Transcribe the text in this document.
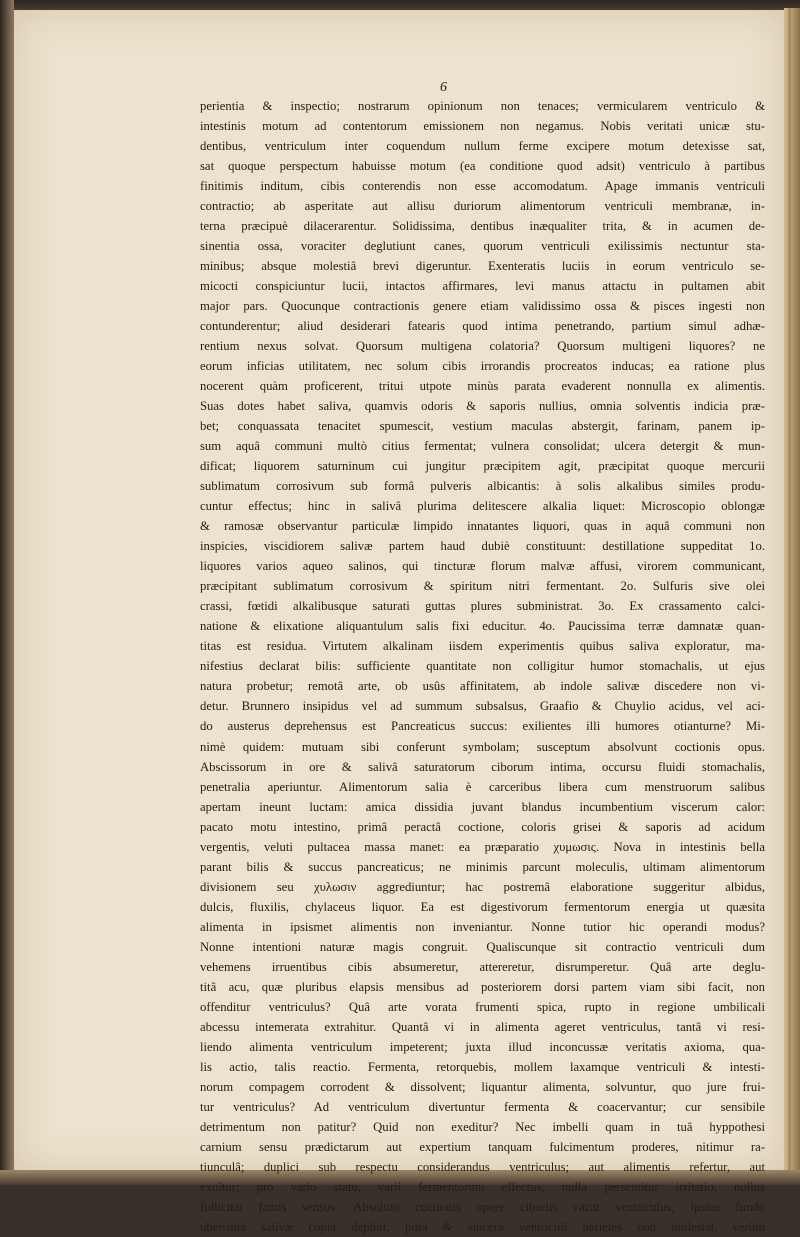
6
perientia & inspectio; nostrarum opinionum non tenaces; vermicularem ventriculo &
intestinis motum ad contentorum emissionem non negamus. Nobis veritati unicæ stu-
dentibus, ventriculum inter coquendum nullum ferme excipere motum detexisse sat,
sat quoque perspectum habuisse motum (ea conditione quod adsit) ventriculo à partibus
finitimis inditum, cibis conterendis non esse accomodatum. Apage immanis ventriculi
contractio; ab asperitate aut allisu duriorum alimentorum ventriculi membranæ, in-
terna præcipuè dilacerarentur. Solidissima, dentibus inæqualiter trita, & in acumen de-
sinentia ossa, voraciter deglutiunt canes, quorum ventriculi exilissimis nectuntur sta-
minibus; absque molestiâ brevi digeruntur. Exenteratis luciis in eorum ventriculo se-
micocti conspiciuntur lucii, intactos affirmares, levi manus attactu in pultamen abit
major pars. Quocunque contractionis genere etiam validissimo ossa & pisces ingesti non
contunderentur; aliud desiderari fatearis quod intima penetrando, partium simul adhæ-
rentium nexus solvat. Quorsum multigena colatoria? Quorsum multigeni liquores? ne
eorum inficias utilitatem, nec solum cibis irrorandis procreatos inducas; ea ratione plus
nocerent quàm proficerent, tritui utpote minùs parata evaderent nonnulla ex alimentis.
Suas dotes habet saliva, quamvis odoris & saporis nullius, omnia solventis indicia præ-
bet; conquassata tenacitet spumescit, vestium maculas abstergit, farinam, panem ip-
sum aquâ communi multò citius fermentat; vulnera consolidat; ulcera detergit & mun-
dificat; liquorem saturninum cui jungitur præcipitem agit, præcipitat quoque mercurii
sublimatum corrosivum sub formâ pulveris albicantis: à solis alkalibus similes produ-
cuntur effectus; hinc in salivâ plurima delitescere alkalia liquet: Microscopio oblongæ
& ramosæ observantur particulæ limpido innatantes liquori, quas in aquâ communi non
inspicies, viscidiorem salivæ partem haud dubiè constituunt: destillatione suppeditat 1o.
liquores varios aqueo salinos, qui tincturæ florum malvæ affusi, virorem communicant,
præcipitant sublimatum corrosivum & spiritum nitri fermentant. 2o. Sulfuris sive olei
crassi, fœtidi alkalibusque saturati guttas plures subministrat. 3o. Ex crassamento calci-
natione & elixatione aliquantulum salis fixi educitur. 4o. Paucissima terræ damnatæ quan-
titas est residua. Virtutem alkalinam iisdem experimentis quibus saliva exploratur, ma-
nifestius declarat bilis: sufficiente quantitate non colligitur humor stomachalis, ut ejus
natura probetur; remotâ arte, ob usûs affinitatem, ab indole salivæ discedere non vi-
detur. Brunnero insipidus vel ad summum subsalsus, Graafio & Chuylio acidus, vel aci-
do austerus deprehensus est Pancreaticus succus: exilientes illi humores otianturne? Mi-
nimè quidem: mutuam sibi conferunt symbolam; susceptum absolvunt coctionis opus.
Abscissorum in ore & salivâ saturatorum ciborum intima, occursu fluidi stomachalis,
penetralia aperiuntur. Alimentorum salia è carceribus libera cum menstruorum salibus
apertam ineunt luctam: amica dissidia juvant blandus incumbentium viscerum calor:
pacato motu intestino, primâ peractâ coctione, coloris grisei & saporis ad acidum
vergentis, veluti pultacea massa manet: ea præparatio χυμωσις. Nova in intestinis bella
parant bilis & succus pancreaticus; ne minimis parcunt moleculis, ultimam alimentorum
divisionem seu χυλωσιν aggrediuntur; hac postremâ elaboratione suggeritur albidus,
dulcis, fluxilis, chylaceus liquor. Ea est digestivorum fermentorum energia ut quæsita
alimenta in ipsismet alimentis non inveniantur. Nonne tutior hic operandi modus?
Nonne intentioni naturæ magis congruit. Qualiscunque sit contractio ventriculi dum
vehemens irruentibus cibis absumeretur, attereretur, disrumperetur. Quâ arte deglu-
titâ acu, quæ pluribus elapsis mensibus ad posteriorem dorsi partem viam sibi facit, non
offenditur ventriculus? Quâ arte vorata frumenti spica, rupto in regione umbilicali
abcessu intemerata extrahitur. Quantâ vi in alimenta ageret ventriculus, tantâ vi resi-
liendo alimenta ventriculum impeterent; juxta illud inconcussæ veritatis axioma, qua-
lis actio, talis reactio. Fermenta, retorquebis, mollem laxamque ventriculi & intesti-
norum compagem corrodent & dissolvent; liquantur alimenta, solvuntur, quo jure frui-
tur ventriculus? Ad ventriculum divertuntur fermenta & coacervantur; cur sensibile
detrimentum non patitur? Quid non exeditur? Nec imbelli quam in tuâ hyppothesi
carnium sensu prædictarum aut expertium tanquam fulcimentum proderes, nitimur ra-
tiunculâ; duplici sub respectu considerandus ventriculus; aut alimentis refertur, aut
exuitur; pro vario statu, varii fermentorum effectus, nulla persentitur irritatio, nullus
follicitat famis sensus. Absoluto coctionis opere cibariis vacat ventriculus; ipsius fundo
uberrima salivæ copia depluit; pura & sincera ventriculi parietes non molestat, verùm
